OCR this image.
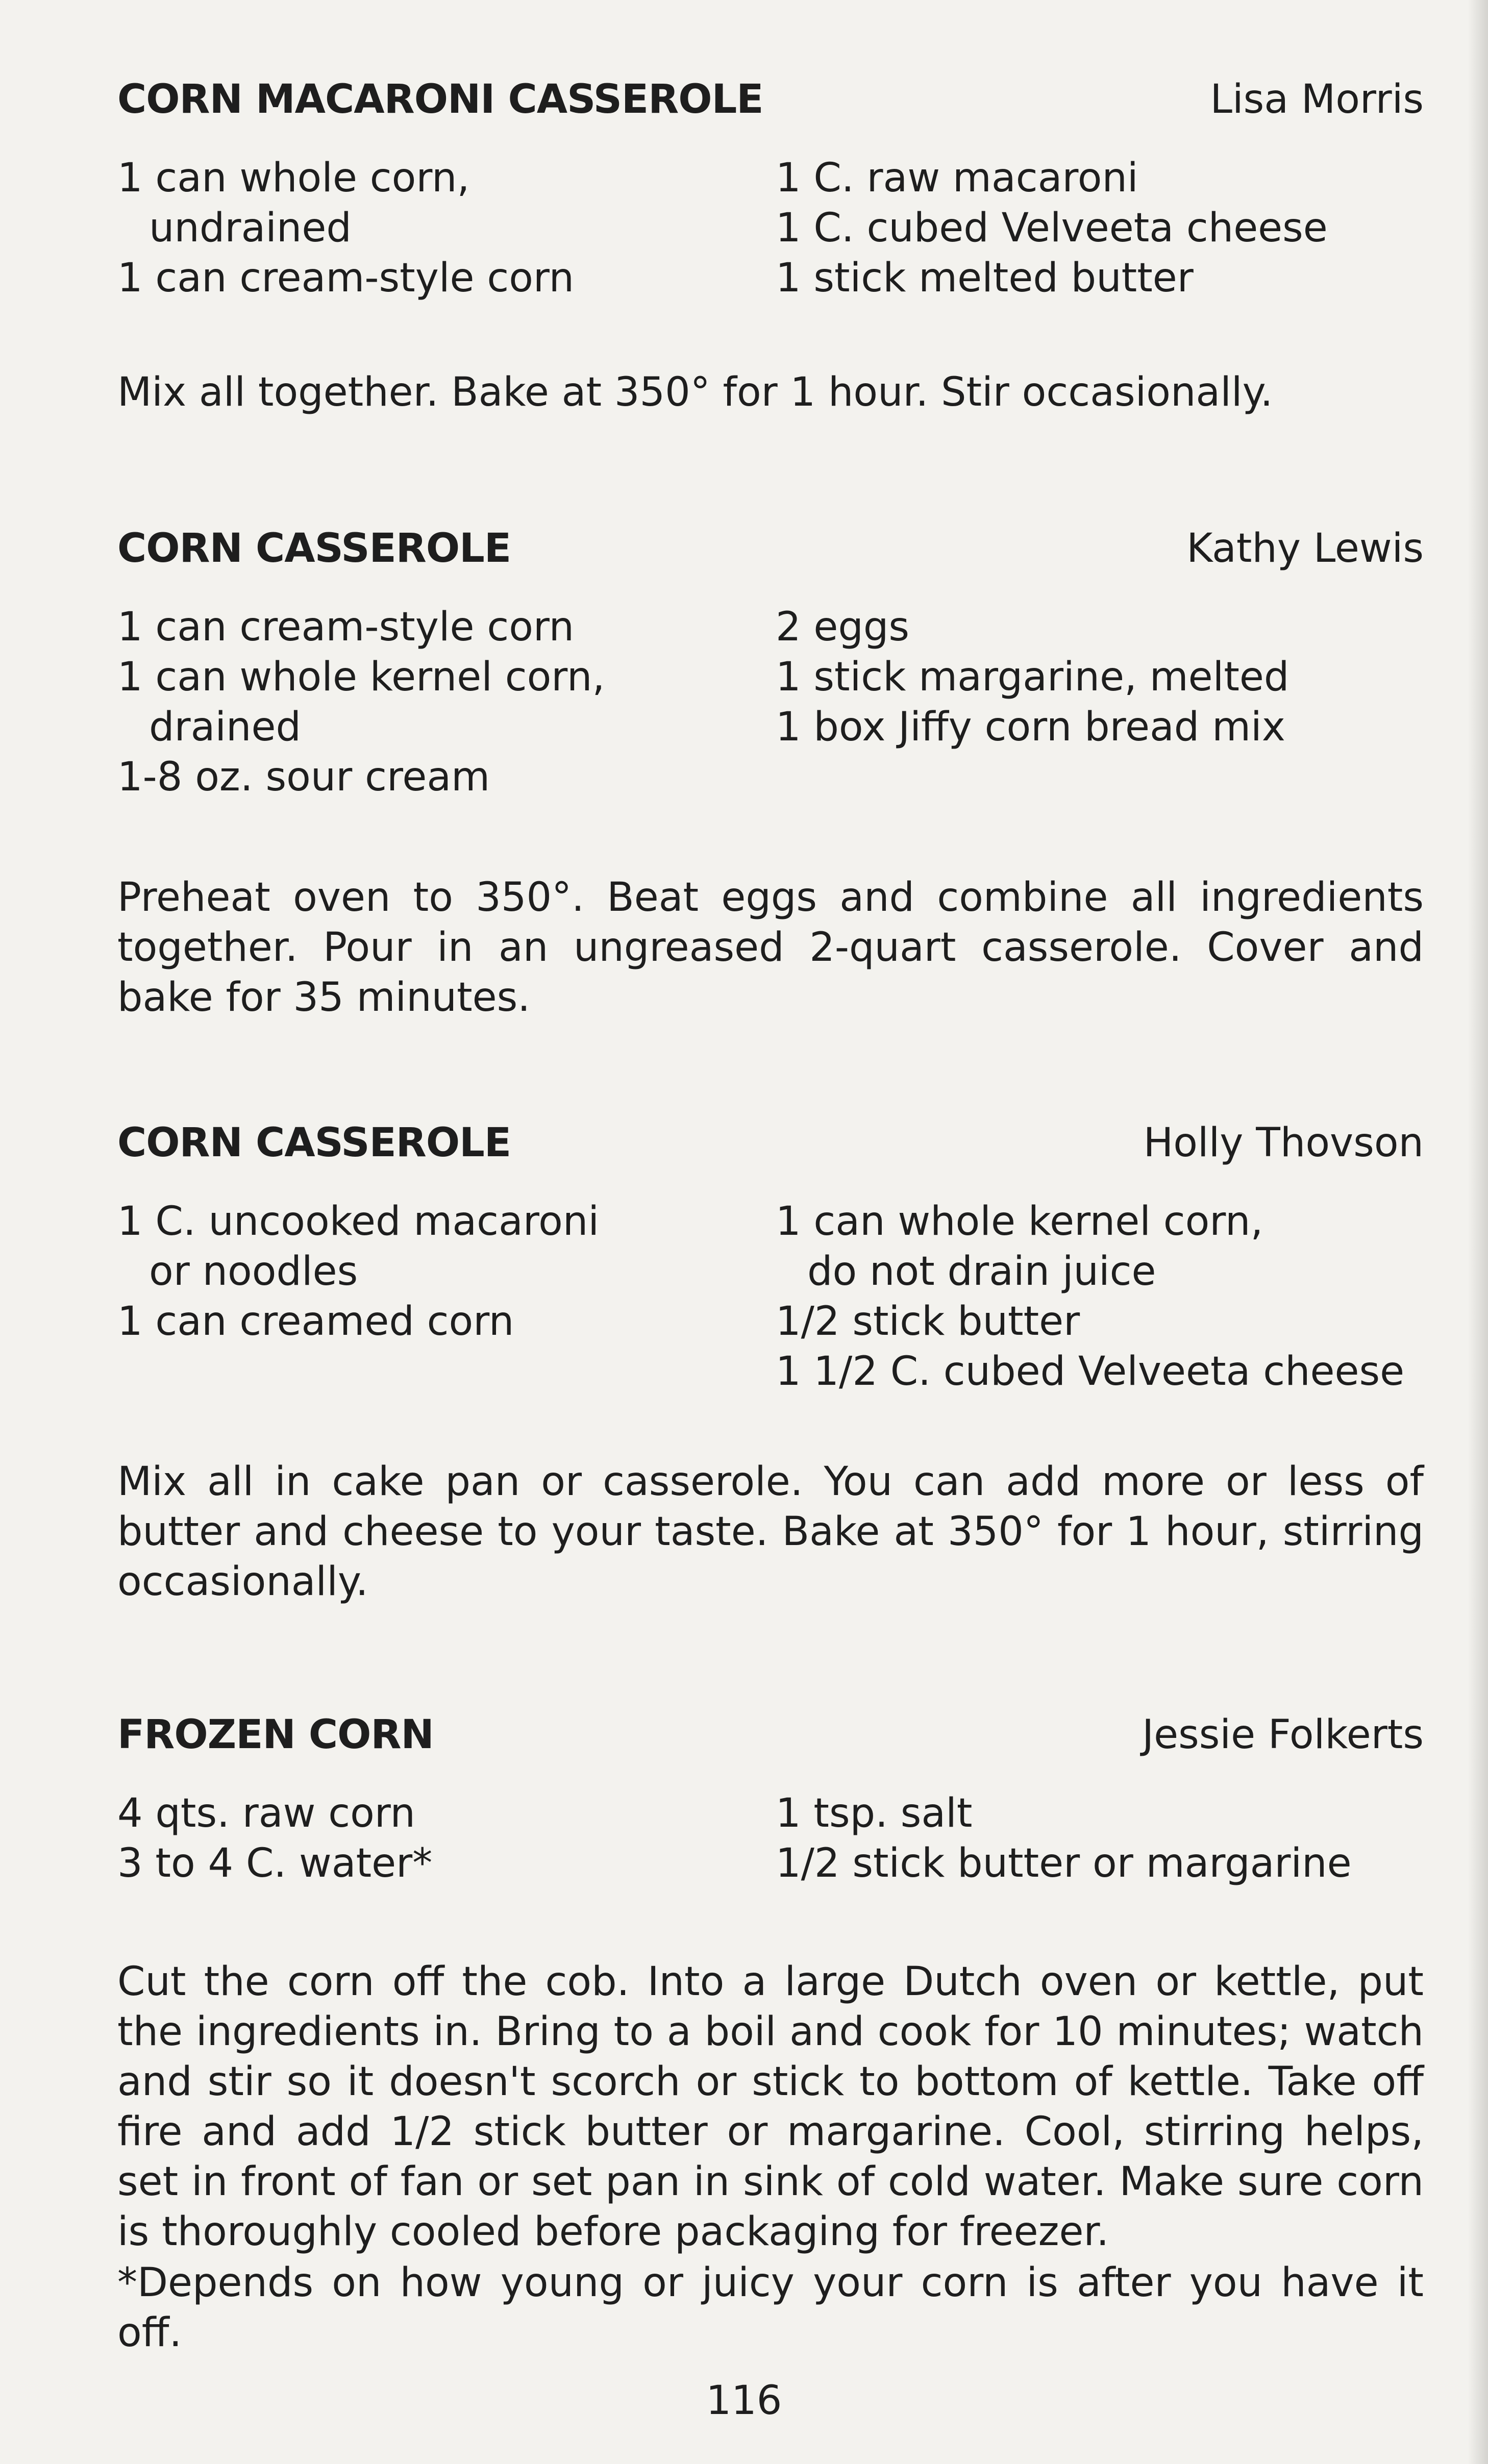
CORN MACARONI CASSEROLE	Lisa Morris
1 can whole corn,
undrained
1 can cream-style corn
1 C. raw macaroni
1 C. cubed Velveeta cheese
1 stick melted butter
Mix all together. Bake at 350° for 1 hour. Stir occasionally.
CORN CASSEROLE	Kathy Lewis
1 can cream-style corn
1 can whole kernel corn,
drained
1-8 oz. sour cream
2 eggs
1 stick margarine, melted
1 box Jiffy corn bread mix
Preheat oven to 350°. Beat eggs and combine all ingredients together. Pour in an ungreased 2-quart casserole. Cover and bake for 35 minutes.
CORN CASSEROLE	Holly Thovson
1 C. uncooked macaroni
or noodles
1 can creamed corn
1 can whole kernel corn,
do not drain juice
1/2 stick butter
1 1/2 C. cubed Velveeta cheese
Mix all in cake pan or casserole. You can add more or less of butter and cheese to your taste. Bake at 350° for 1 hour, stirring occasionally.
FROZEN CORN	Jessie Folkerts
4 qts. raw corn
3 to 4 C. water*
1 tsp. salt
1/2 stick butter or margarine
Cut the corn off the cob. Into a large Dutch oven or kettle, put the ingredients in. Bring to a boil and cook for 10 minutes; watch and stir so it doesn't scorch or stick to bottom of kettle. Take off fire and add 1/2 stick butter or margarine. Cool, stirring helps, set in front of fan or set pan in sink of cold water. Make sure corn is thoroughly cooled before packaging for freezer.
*Depends on how young or juicy your corn is after you have it off.
116
